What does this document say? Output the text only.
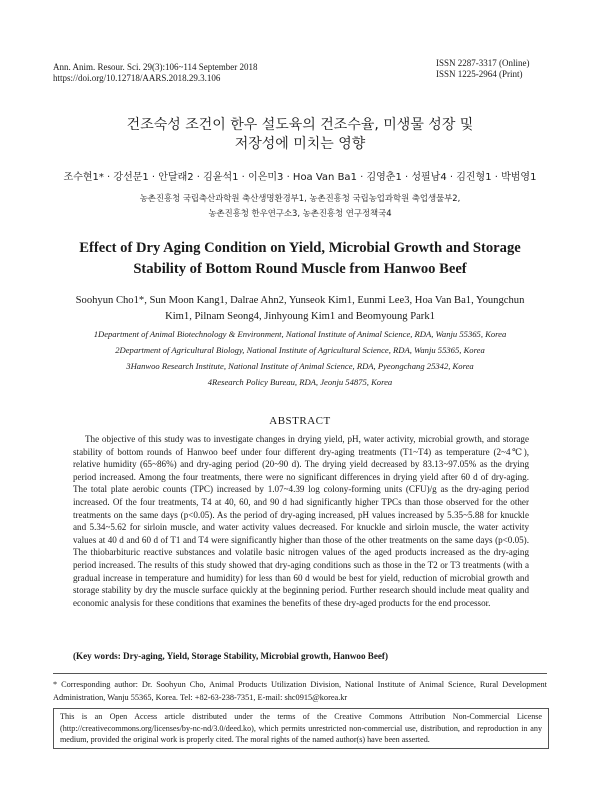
Ann. Anim. Resour. Sci. 29(3):106~114 September 2018
https://doi.org/10.12718/AARS.2018.29.3.106
ISSN 2287-3317 (Online)
ISSN 1225-2964 (Print)
건조숙성 조건이 한우 설도육의 건조수율, 미생물 성장 및
저장성에 미치는 영향
조수현1* · 강선문1 · 안달래2 · 김윤석1 · 이은미3 · Hoa Van Ba1 · 김영춘1 · 성필남4 · 김진형1 · 박범영1
농촌진흥청 국립축산과학원 축산생명환경부1, 농촌진흥청 국립농업과학원 축업생물부2,
농촌진흥청 한우연구소3, 농촌진흥청 연구정책국4
Effect of Dry Aging Condition on Yield, Microbial Growth and Storage
Stability of Bottom Round Muscle from Hanwoo Beef
Soohyun Cho1*, Sun Moon Kang1, Dalrae Ahn2, Yunseok Kim1, Eunmi Lee3, Hoa Van Ba1, Youngchun
Kim1, Pilnam Seong4, Jinhyoung Kim1 and Beomyoung Park1
1Department of Animal Biotechnology & Environment, National Institute of Animal Science, RDA, Wanju 55365, Korea
2Department of Agricultural Biology, National Institute of Agricultural Science, RDA, Wanju 55365, Korea
3Hanwoo Research Institute, National Institute of Animal Science, RDA, Pyeongchang 25342, Korea
4Research Policy Bureau, RDA, Jeonju 54875, Korea
ABSTRACT

The objective of this study was to investigate changes in drying yield, pH, water activity, microbial growth, and storage stability of bottom rounds of Hanwoo beef under four different dry-aging treatments (T1~T4) as temperature (2~4℃), relative humidity (65~86%) and dry-aging period (20~90 d). The drying yield decreased by 83.13~97.05% as the drying period increased. Among the four treatments, there were no significant differences in drying yield after 60 d of dry-aging. The total plate aerobic counts (TPC) increased by 1.07~4.39 log colony-forming units (CFU)/g as the dry-aging period increased. Of the four treatments, T4 at 40, 60, and 90 d had significantly higher TPCs than those observed for the other treatments on the same days (p<0.05). As the period of dry-aging increased, pH values increased by 5.35~5.88 for knuckle and 5.34~5.62 for sirloin muscle, and water activity values decreased. For knuckle and sirloin muscle, the water activity values at 40 d and 60 d of T1 and T4 were significantly higher than those of the other treatments on the same days (p<0.05). The thiobarbituric reactive substances and volatile basic nitrogen values of the aged products increased as the dry-aging period increased. The results of this study showed that dry-aging conditions such as those in the T2 or T3 treatments (with a gradual increase in temperature and humidity) for less than 60 d would be best for yield, reduction of microbial growth and storage stability by dry the muscle surface quickly at the beginning period. Further research should include meat quality and economic analysis for these conditions that examines the benefits of these dry-aged products for the end processor.

(Key words: Dry-aging, Yield, Storage Stability, Microbial growth, Hanwoo Beef)

* Corresponding author: Dr. Soohyun Cho, Animal Products Utilization Division, National Institute of Animal Science, Rural Development Administration, Wanju 55365, Korea. Tel: +82-63-238-7351, E-mail: shc0915@korea.kr

This is an Open Access article distributed under the terms of the Creative Commons Attribution Non-Commercial License (http://creativecommons.org/licenses/by-nc-nd/3.0/deed.ko), which permits unrestricted non-commercial use, distribution, and reproduction in any medium, provided the original work is properly cited. The moral rights of the named author(s) have been asserted.
